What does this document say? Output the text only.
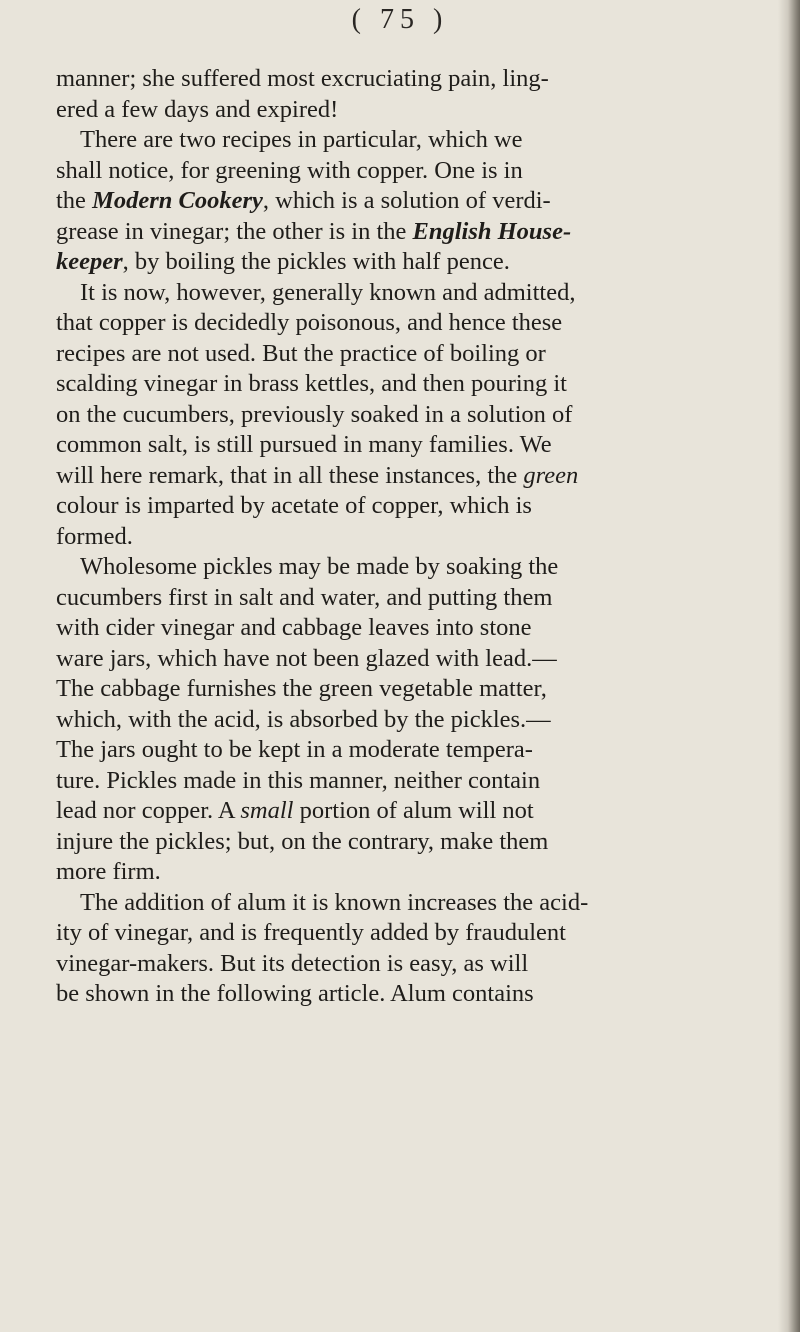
( 75 )
manner; she suffered most excruciating pain, ling-
ered a few days and expired!
There are two recipes in particular, which we
shall notice, for greening with copper. One is in
the Modern Cookery, which is a solution of verdi-
grease in vinegar; the other is in the English House-
keeper, by boiling the pickles with half pence.
It is now, however, generally known and admitted,
that copper is decidedly poisonous, and hence these
recipes are not used. But the practice of boiling or
scalding vinegar in brass kettles, and then pouring it
on the cucumbers, previously soaked in a solution of
common salt, is still pursued in many families. We
will here remark, that in all these instances, the green
colour is imparted by acetate of copper, which is
formed.
Wholesome pickles may be made by soaking the
cucumbers first in salt and water, and putting them
with cider vinegar and cabbage leaves into stone
ware jars, which have not been glazed with lead.—
The cabbage furnishes the green vegetable matter,
which, with the acid, is absorbed by the pickles.—
The jars ought to be kept in a moderate tempera-
ture. Pickles made in this manner, neither contain
lead nor copper. A small portion of alum will not
injure the pickles; but, on the contrary, make them
more firm.
The addition of alum it is known increases the acid-
ity of vinegar, and is frequently added by fraudulent
vinegar-makers. But its detection is easy, as will
be shown in the following article. Alum contains
